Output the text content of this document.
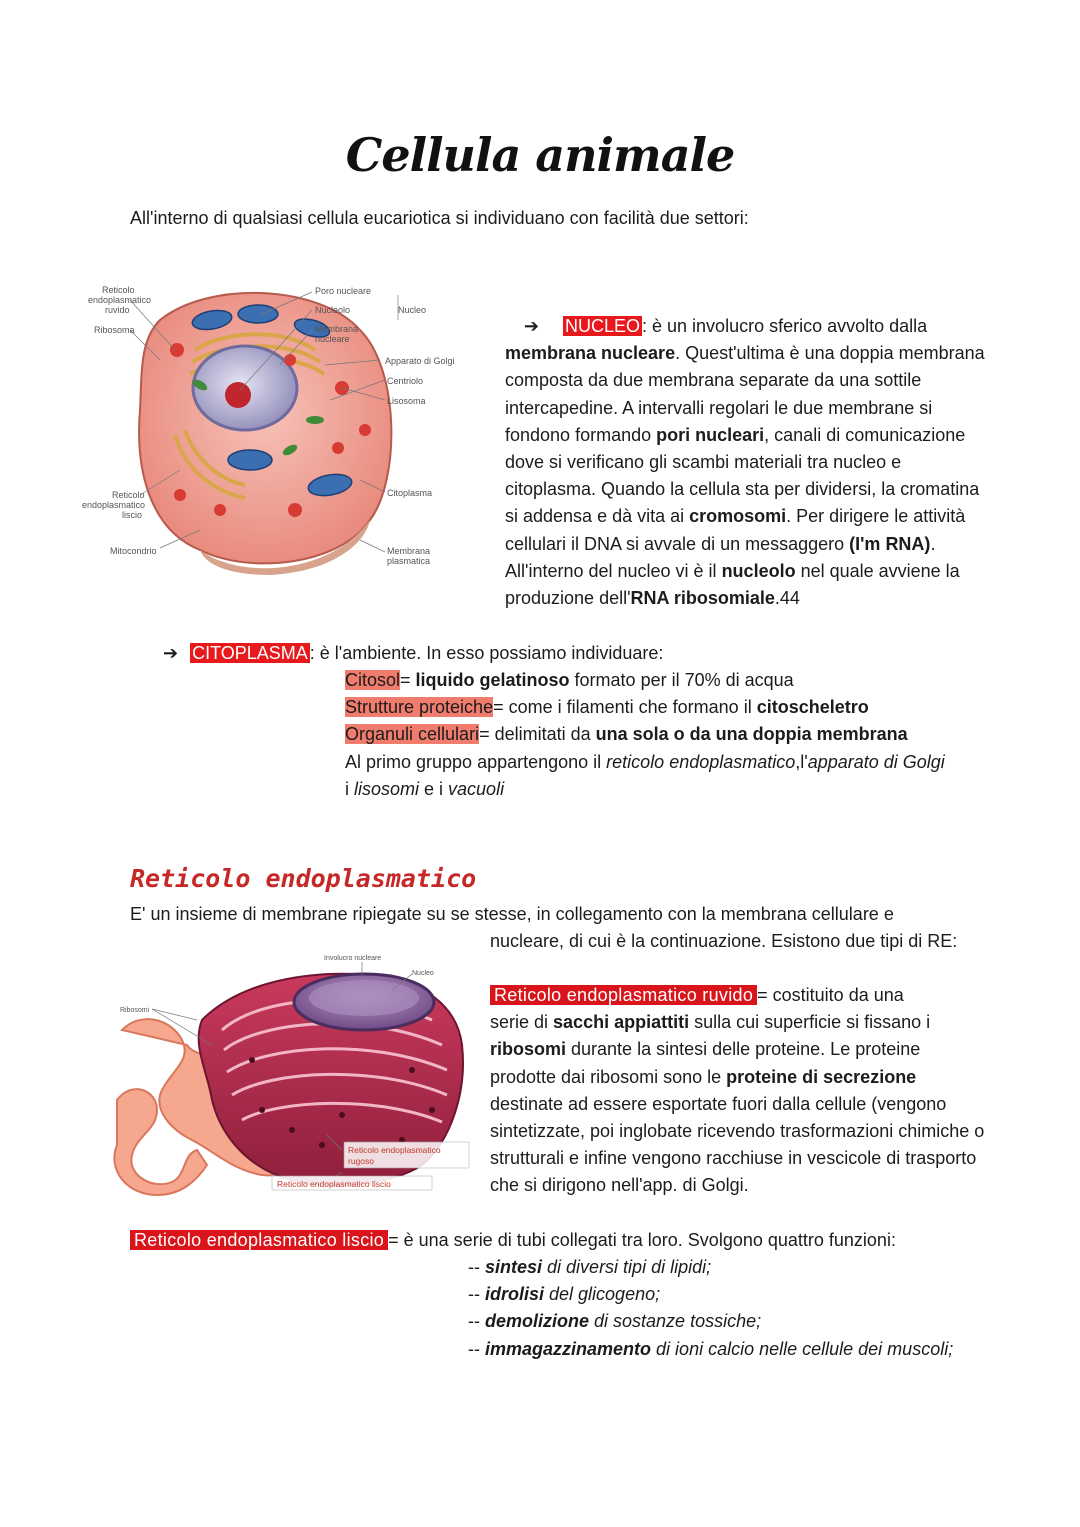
Cellula animale
All'interno di qualsiasi cellula eucariotica si individuano con facilità due settori:
Reticolo
endoplasmatico
ruvido
Ribosoma
Reticolo
endoplasmatico
liscio
Mitocondrio
Poro nucleare
Nucleolo	Nucleo
Membrana
nucleare
Apparato di Golgi
Centriolo
Lisosoma
Citoplasma
Membrana
plasmatica
➔ NUCLEO : è un involucro sferico avvolto dalla
membrana nucleare. Quest'ultima è una doppia membrana
composta da due membrana separate da una sottile
intercapedine. A intervalli regolari le due membrane si
fondono formando pori nucleari, canali di comunicazione
dove si verificano gli scambi materiali tra nucleo e
citoplasma. Quando la cellula sta per dividersi, la cromatina
si addensa e dà vita ai cromosomi. Per dirigere le attività
cellulari il DNA si avvale di un messaggero (I'm RNA).
All'interno del nucleo vi è il nucleolo nel quale avviene la
produzione dell'RNA ribosomiale.44
➔ CITOPLASMA : è l'ambiente. In esso possiamo individuare:
Citosol= liquido gelatinoso formato per il 70% di acqua
Strutture proteiche= come i filamenti che formano il citoscheletro
Organuli cellulari= delimitati da una sola o da una doppia membrana
Al primo gruppo appartengono il reticolo endoplasmatico,l'apparato di Golgi
i lisosomi e i vacuoli
Reticolo endoplasmatico
E' un insieme di membrane ripiegate su se stesse, in collegamento con la membrana cellulare e
nucleare, di cui è la continuazione. Esistono due tipi di RE:
Involucro nucleare
Nucleo
Ribosomi
Reticolo endoplasmatico
rugoso
Reticolo endoplasmatico liscio
Reticolo endoplasmatico ruvido = costituito da una
serie di sacchi appiattiti sulla cui superficie si fissano i
ribosomi durante la sintesi delle proteine. Le proteine
prodotte dai ribosomi sono le proteine di secrezione
destinate ad essere esportate fuori dalla cellule (vengono
sintetizzate, poi inglobate ricevendo trasformazioni chimiche o
strutturali e infine vengono racchiuse in vescicole di trasporto
che si dirigono nell'app. di Golgi.
Reticolo endoplasmatico liscio = è una serie di tubi collegati tra loro. Svolgono quattro funzioni:
-- sintesi di diversi tipi di lipidi;
-- idrolisi del glicogeno;
-- demolizione di sostanze tossiche;
-- immagazzinamento di ioni calcio nelle cellule dei muscoli;
